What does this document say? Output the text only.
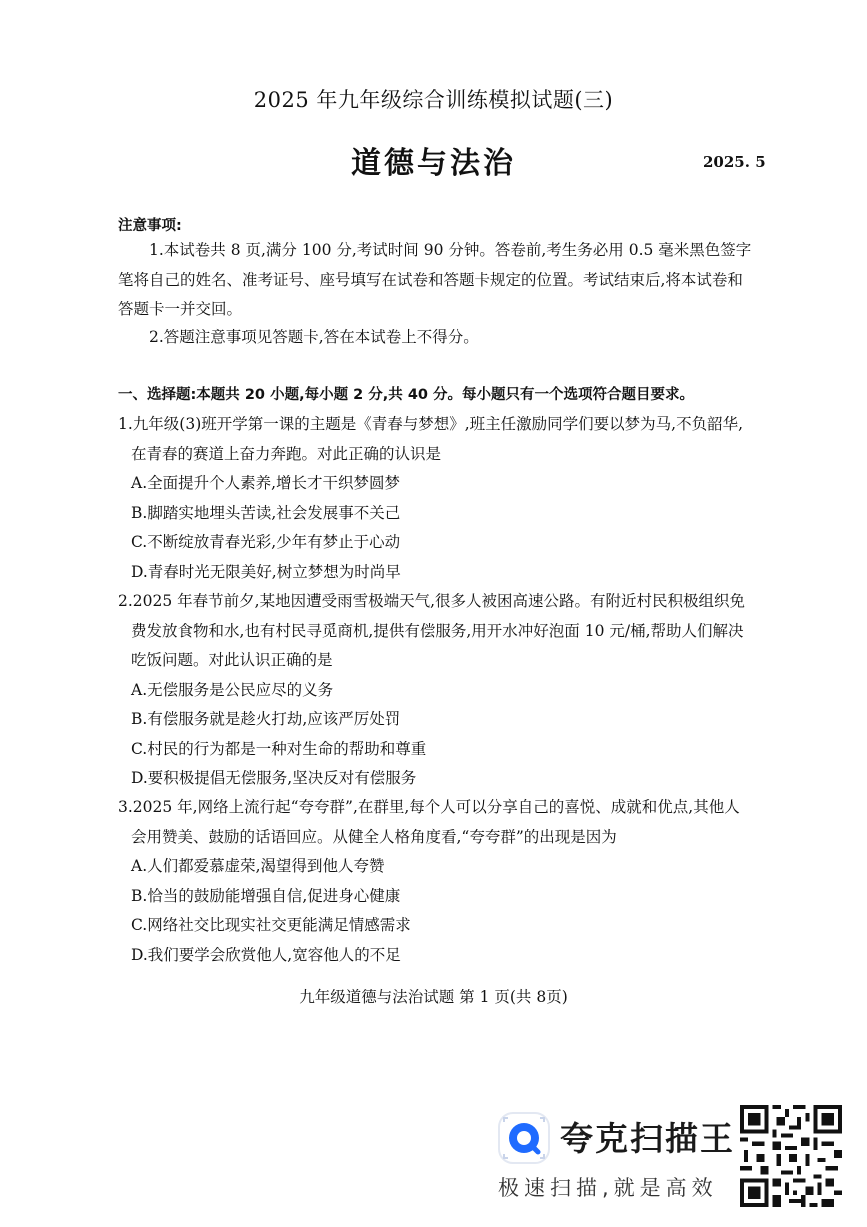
2025 年九年级综合训练模拟试题(三)
道德与法治	2025. 5
注意事项:
1.本试卷共 8 页,满分 100 分,考试时间 90 分钟。答卷前,考生务必用 0.5 毫米黑色签字笔将自己的姓名、准考证号、座号填写在试卷和答题卡规定的位置。考试结束后,将本试卷和答题卡一并交回。
2.答题注意事项见答题卡,答在本试卷上不得分。
一、选择题:本题共 20 小题,每小题 2 分,共 40 分。每小题只有一个选项符合题目要求。
1.九年级(3)班开学第一课的主题是《青春与梦想》,班主任激励同学们要以梦为马,不负韶华,在青春的赛道上奋力奔跑。对此正确的认识是
A.全面提升个人素养,增长才干织梦圆梦
B.脚踏实地埋头苦读,社会发展事不关己
C.不断绽放青春光彩,少年有梦止于心动
D.青春时光无限美好,树立梦想为时尚早
2.2025 年春节前夕,某地因遭受雨雪极端天气,很多人被困高速公路。有附近村民积极组织免费发放食物和水,也有村民寻觅商机,提供有偿服务,用开水冲好泡面 10 元/桶,帮助人们解决吃饭问题。对此认识正确的是
A.无偿服务是公民应尽的义务
B.有偿服务就是趁火打劫,应该严厉处罚
C.村民的行为都是一种对生命的帮助和尊重
D.要积极提倡无偿服务,坚决反对有偿服务
3.2025 年,网络上流行起“夸夸群”,在群里,每个人可以分享自己的喜悦、成就和优点,其他人会用赞美、鼓励的话语回应。从健全人格角度看,“夸夸群”的出现是因为
A.人们都爱慕虚荣,渴望得到他人夸赞
B.恰当的鼓励能增强自信,促进身心健康
C.网络社交比现实社交更能满足情感需求
D.我们要学会欣赏他人,宽容他人的不足
九年级道德与法治试题 第 1 页(共 8页)
夸克扫描王
极速扫描,就是高效
